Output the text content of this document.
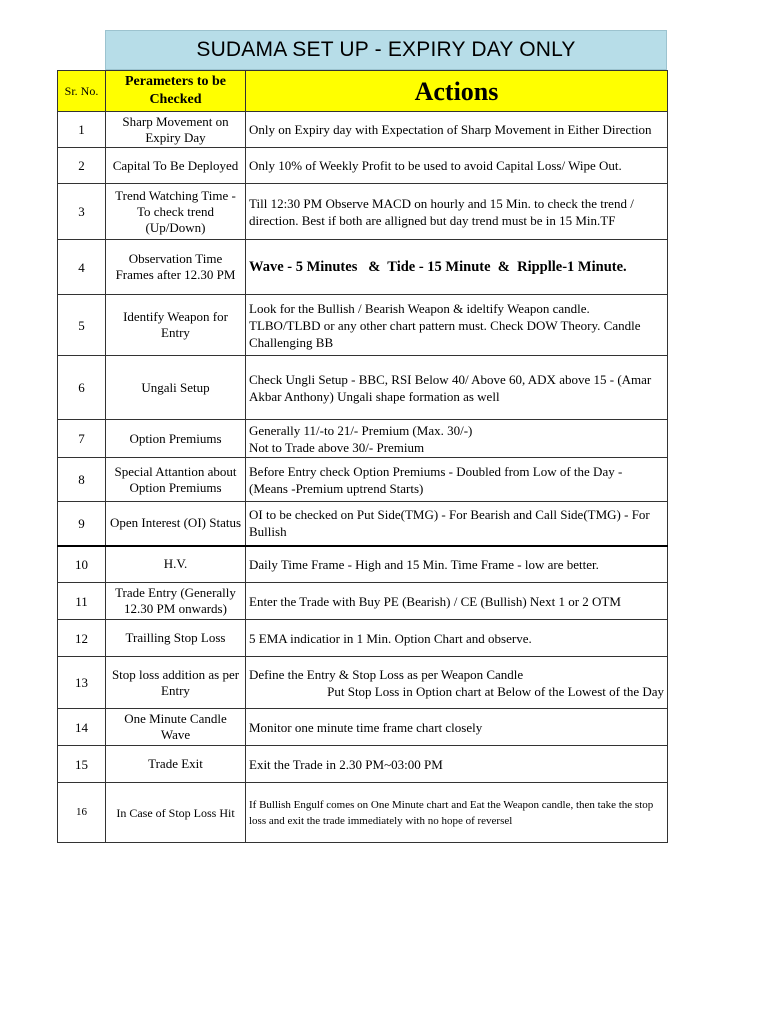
SUDAMA SET UP - EXPIRY DAY ONLY
Sr. No.	Perameters to be Checked	Actions
1	Sharp Movement on Expiry Day	Only on Expiry day with Expectation of Sharp Movement in Either Direction
2	Capital To Be Deployed	Only 10% of Weekly Profit to be used to avoid Capital Loss/ Wipe Out.
3	Trend Watching Time - To check trend (Up/Down)	Till 12:30 PM Observe MACD on hourly and 15 Min. to check the trend / direction. Best if both are alligned but day trend must be in 15 Min.TF
4	Observation Time Frames after 12.30 PM	Wave - 5 Minutes   &  Tide - 15 Minute  &  Ripplle-1 Minute.
5	Identify Weapon for Entry	Look for the Bullish / Bearish Weapon & ideltify Weapon candle. TLBO/TLBD or any other chart pattern must. Check DOW Theory. Candle Challenging BB
6	Ungali Setup	Check Ungli Setup - BBC, RSI Below 40/ Above 60, ADX above 15 - (Amar Akbar Anthony) Ungali shape formation as well
7	Option Premiums	Generally 11/-to 21/- Premium (Max. 30/-)
Not to Trade above 30/- Premium
8	Special Attantion about Option Premiums	Before Entry check Option Premiums - Doubled from Low of the Day - (Means -Premium uptrend Starts)
9	Open Interest (OI) Status	OI to be checked on Put Side(TMG) - For Bearish and Call Side(TMG) - For Bullish
10	H.V.	Daily Time Frame - High and 15 Min. Time Frame - low are better.
11	Trade Entry (Generally 12.30 PM onwards)	Enter the Trade with Buy PE (Bearish) / CE (Bullish) Next 1 or 2 OTM
12	Trailling Stop Loss	5 EMA indicatior in 1 Min. Option Chart and observe.
13	Stop loss addition as per Entry	Define the Entry & Stop Loss as per Weapon Candle
Put Stop Loss in Option chart at Below of the Lowest of the Day

14	One Minute Candle Wave	Monitor one minute time frame chart closely
15	Trade Exit	Exit the Trade in 2.30 PM~03:00 PM
16	In Case of Stop Loss Hit	If Bullish Engulf comes on One Minute chart and Eat the Weapon candle, then take the stop loss and exit the trade immediately with no hope of reversel
